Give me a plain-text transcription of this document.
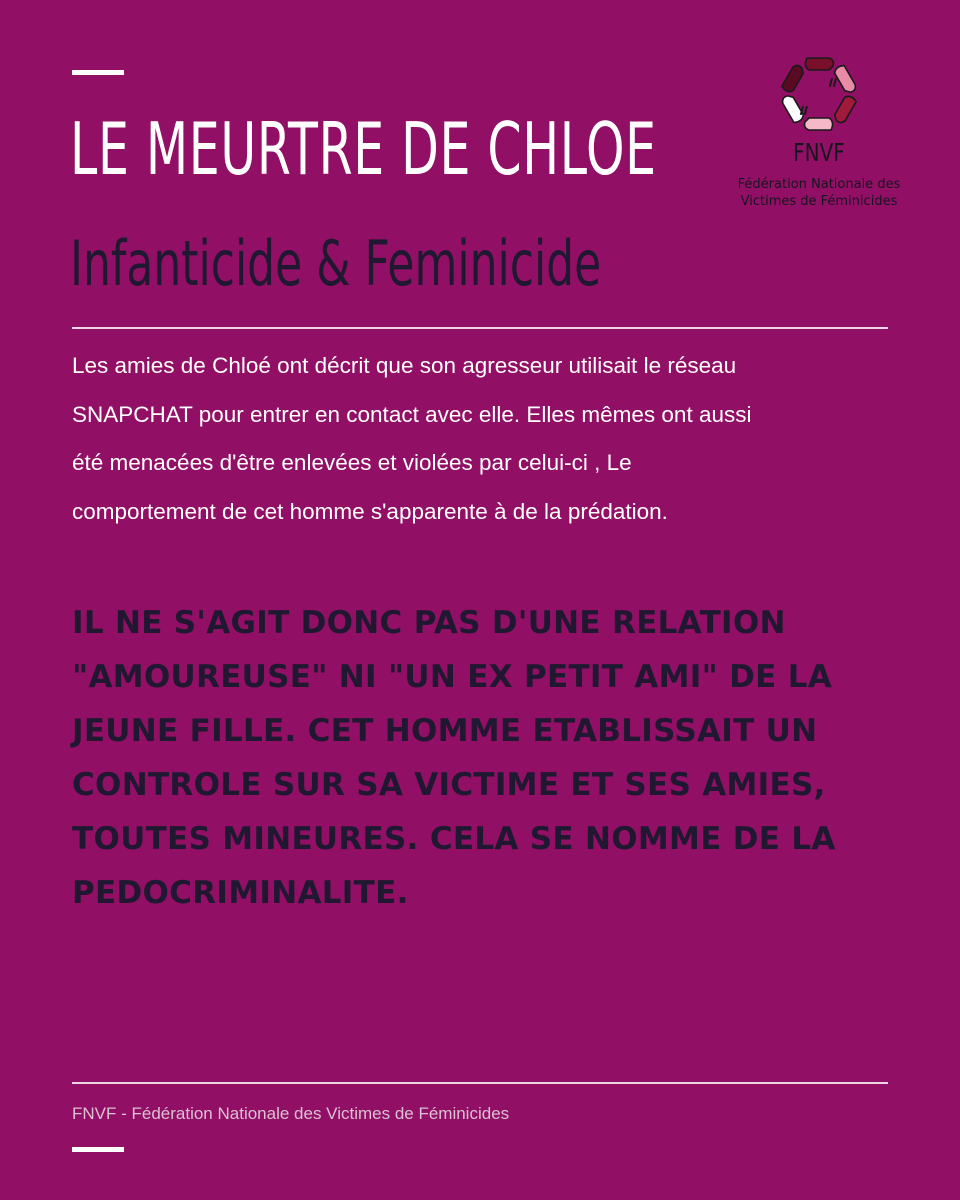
LE MEURTRE DE CHLOE
Infanticide & Feminicide
FNVF
Fédération Nationale des
Victimes de Féminicides

Les amies de Chloé ont décrit que son agresseur utilisait le réseau
SNAPCHAT pour entrer en contact avec elle. Elles mêmes ont aussi
été menacées d'être enlevées et violées par celui-ci , Le
comportement de cet homme s'apparente à de la prédation.

IL NE S'AGIT DONC PAS D'UNE RELATION
"AMOUREUSE" NI "UN EX PETIT AMI" DE LA
JEUNE FILLE. CET HOMME ETABLISSAIT UN
CONTROLE SUR SA VICTIME ET SES AMIES,
TOUTES MINEURES. CELA SE NOMME DE LA
PEDOCRIMINALITE.

FNVF - Fédération Nationale des Victimes de Féminicides
